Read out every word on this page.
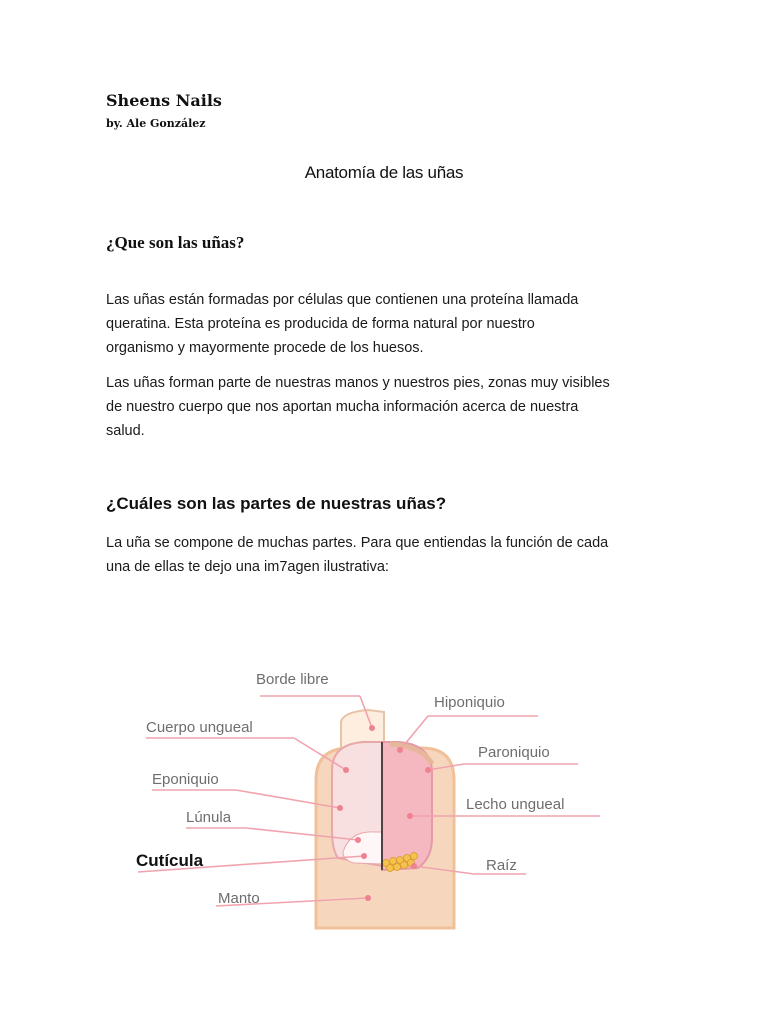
Sheens Nails
by. Ale González
Anatomía de las uñas
¿Que son las uñas?
Las uñas están formadas por células que contienen una proteína llamada
queratina. Esta proteína es producida de forma natural por nuestro
organismo y mayormente procede de los huesos.
Las uñas forman parte de nuestras manos y nuestros pies, zonas muy visibles
de nuestro cuerpo que nos aportan mucha información acerca de nuestra
salud.
¿Cuáles son las partes de nuestras uñas?
La uña se compone de muchas partes. Para que entiendas la función de cada
una de ellas te dejo una im7agen ilustrativa:
Borde libre
Cuerpo ungueal
Eponiquio
Lúnula
Cutícula
Manto
Hiponiquio
Paroniquio
Lecho ungueal
Raíz
